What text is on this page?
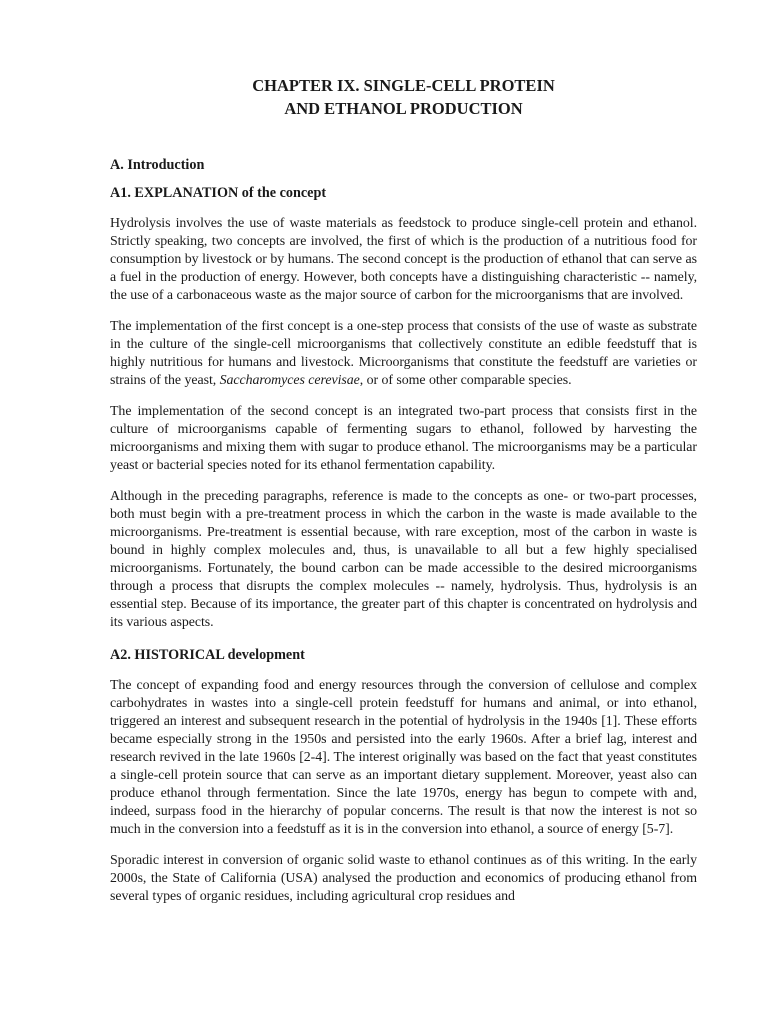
CHAPTER IX. SINGLE-CELL PROTEIN
AND ETHANOL PRODUCTION
A. Introduction
A1. EXPLANATION of the concept

Hydrolysis involves the use of waste materials as feedstock to produce single-cell protein and ethanol. Strictly speaking, two concepts are involved, the first of which is the production of a nutritious food for consumption by livestock or by humans. The second concept is the production of ethanol that can serve as a fuel in the production of energy. However, both concepts have a distinguishing characteristic -- namely, the use of a carbonaceous waste as the major source of carbon for the microorganisms that are involved.

The implementation of the first concept is a one-step process that consists of the use of waste as substrate in the culture of the single-cell microorganisms that collectively constitute an edible feedstuff that is highly nutritious for humans and livestock. Microorganisms that constitute the feedstuff are varieties or strains of the yeast, Saccharomyces cerevisae, or of some other comparable species.

The implementation of the second concept is an integrated two-part process that consists first in the culture of microorganisms capable of fermenting sugars to ethanol, followed by harvesting the microorganisms and mixing them with sugar to produce ethanol. The microorganisms may be a particular yeast or bacterial species noted for its ethanol fermentation capability.

Although in the preceding paragraphs, reference is made to the concepts as one- or two-part processes, both must begin with a pre-treatment process in which the carbon in the waste is made available to the microorganisms. Pre-treatment is essential because, with rare exception, most of the carbon in waste is bound in highly complex molecules and, thus, is unavailable to all but a few highly specialised microorganisms. Fortunately, the bound carbon can be made accessible to the desired microorganisms through a process that disrupts the complex molecules -- namely, hydrolysis. Thus, hydrolysis is an essential step. Because of its importance, the greater part of this chapter is concentrated on hydrolysis and its various aspects.

A2. HISTORICAL development

The concept of expanding food and energy resources through the conversion of cellulose and complex carbohydrates in wastes into a single-cell protein feedstuff for humans and animal, or into ethanol, triggered an interest and subsequent research in the potential of hydrolysis in the 1940s [1]. These efforts became especially strong in the 1950s and persisted into the early 1960s. After a brief lag, interest and research revived in the late 1960s [2-4]. The interest originally was based on the fact that yeast constitutes a single-cell protein source that can serve as an important dietary supplement. Moreover, yeast also can produce ethanol through fermentation. Since the late 1970s, energy has begun to compete with and, indeed, surpass food in the hierarchy of popular concerns. The result is that now the interest is not so much in the conversion into a feedstuff as it is in the conversion into ethanol, a source of energy [5-7].

Sporadic interest in conversion of organic solid waste to ethanol continues as of this writing. In the early 2000s, the State of California (USA) analysed the production and economics of producing ethanol from several types of organic residues, including agricultural crop residues and
